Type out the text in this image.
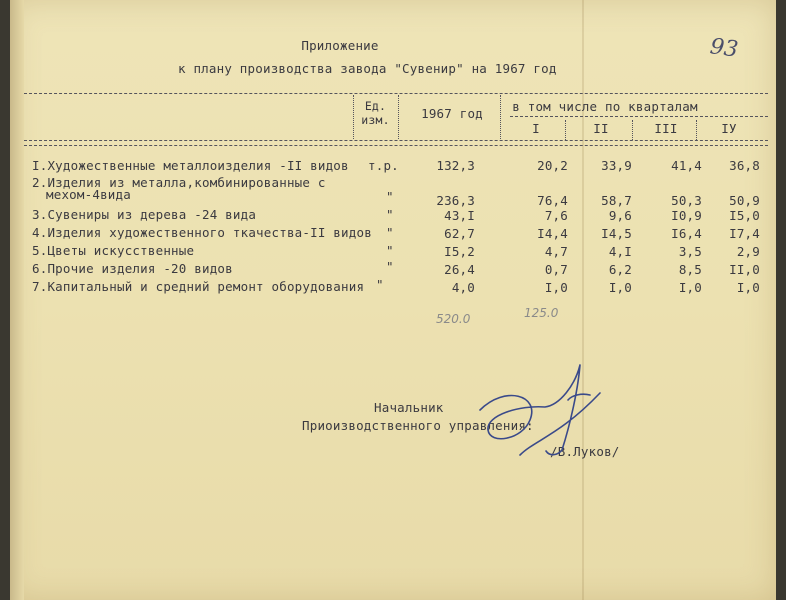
93
Приложение
к плану производства завода "Сувенир" на 1967 год
Ед.
изм.	1967 год	в том числе по кварталам
I	II	III	IУ
I.Художественные металлоизделия -II видов т.р.	132,3	20,2	33,9	41,4	36,8
2.Изделия из металла,комбинированные с
мехом-4вида	"	236,3	76,4	58,7	50,3	50,9
3.Сувениры из дерева -24 вида	"	43,I	7,6	9,6	I0,9	I5,0
4.Изделия художественного ткачества-II видов "	62,7	I4,4	I4,5	I6,4	I7,4
5.Цветы искусственные	"	I5,2	4,7	4,I	3,5	2,9
6.Прочие изделия -20 видов	"	26,4	0,7	6,2	8,5	II,0
7.Капитальный и средний ремонт оборудования "	4,0	I,0	I,0	I,0	I,0
520.0	125.0
Начальник
Приоизводственного управления:
/В.Луков/
